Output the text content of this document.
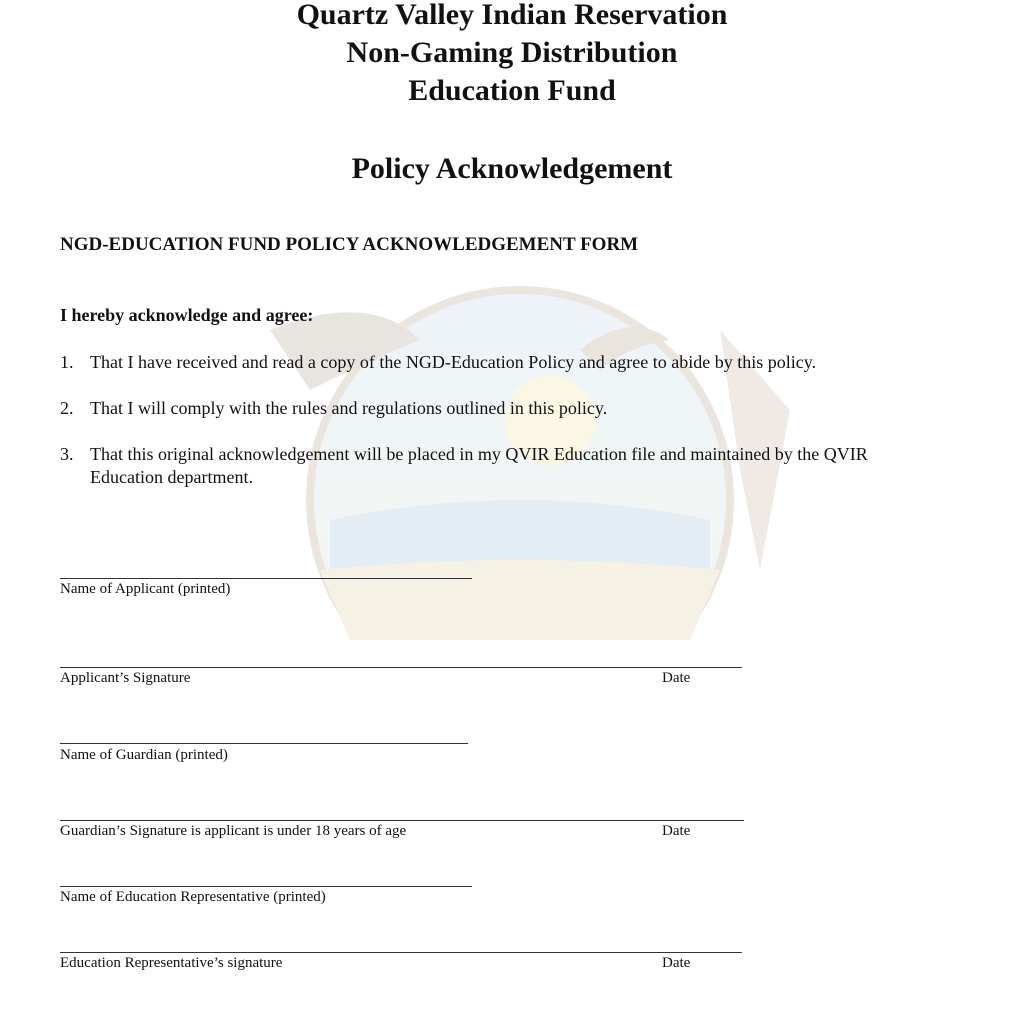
Quartz Valley Indian Reservation
Non-Gaming Distribution
Education Fund
Policy Acknowledgement
NGD-EDUCATION FUND POLICY ACKNOWLEDGEMENT FORM
I hereby acknowledge and agree:
1. That I have received and read a copy of the NGD-Education Policy and agree to abide by this policy.
2. That I will comply with the rules and regulations outlined in this policy.
3. That this original acknowledgement will be placed in my QVIR Education file and maintained by the QVIR
Education department.
Name of Applicant (printed)
Applicant’s Signature	Date
Name of Guardian (printed)
Guardian’s Signature is applicant is under 18 years of age	Date
Name of Education Representative (printed)
Education Representative’s signature	Date
